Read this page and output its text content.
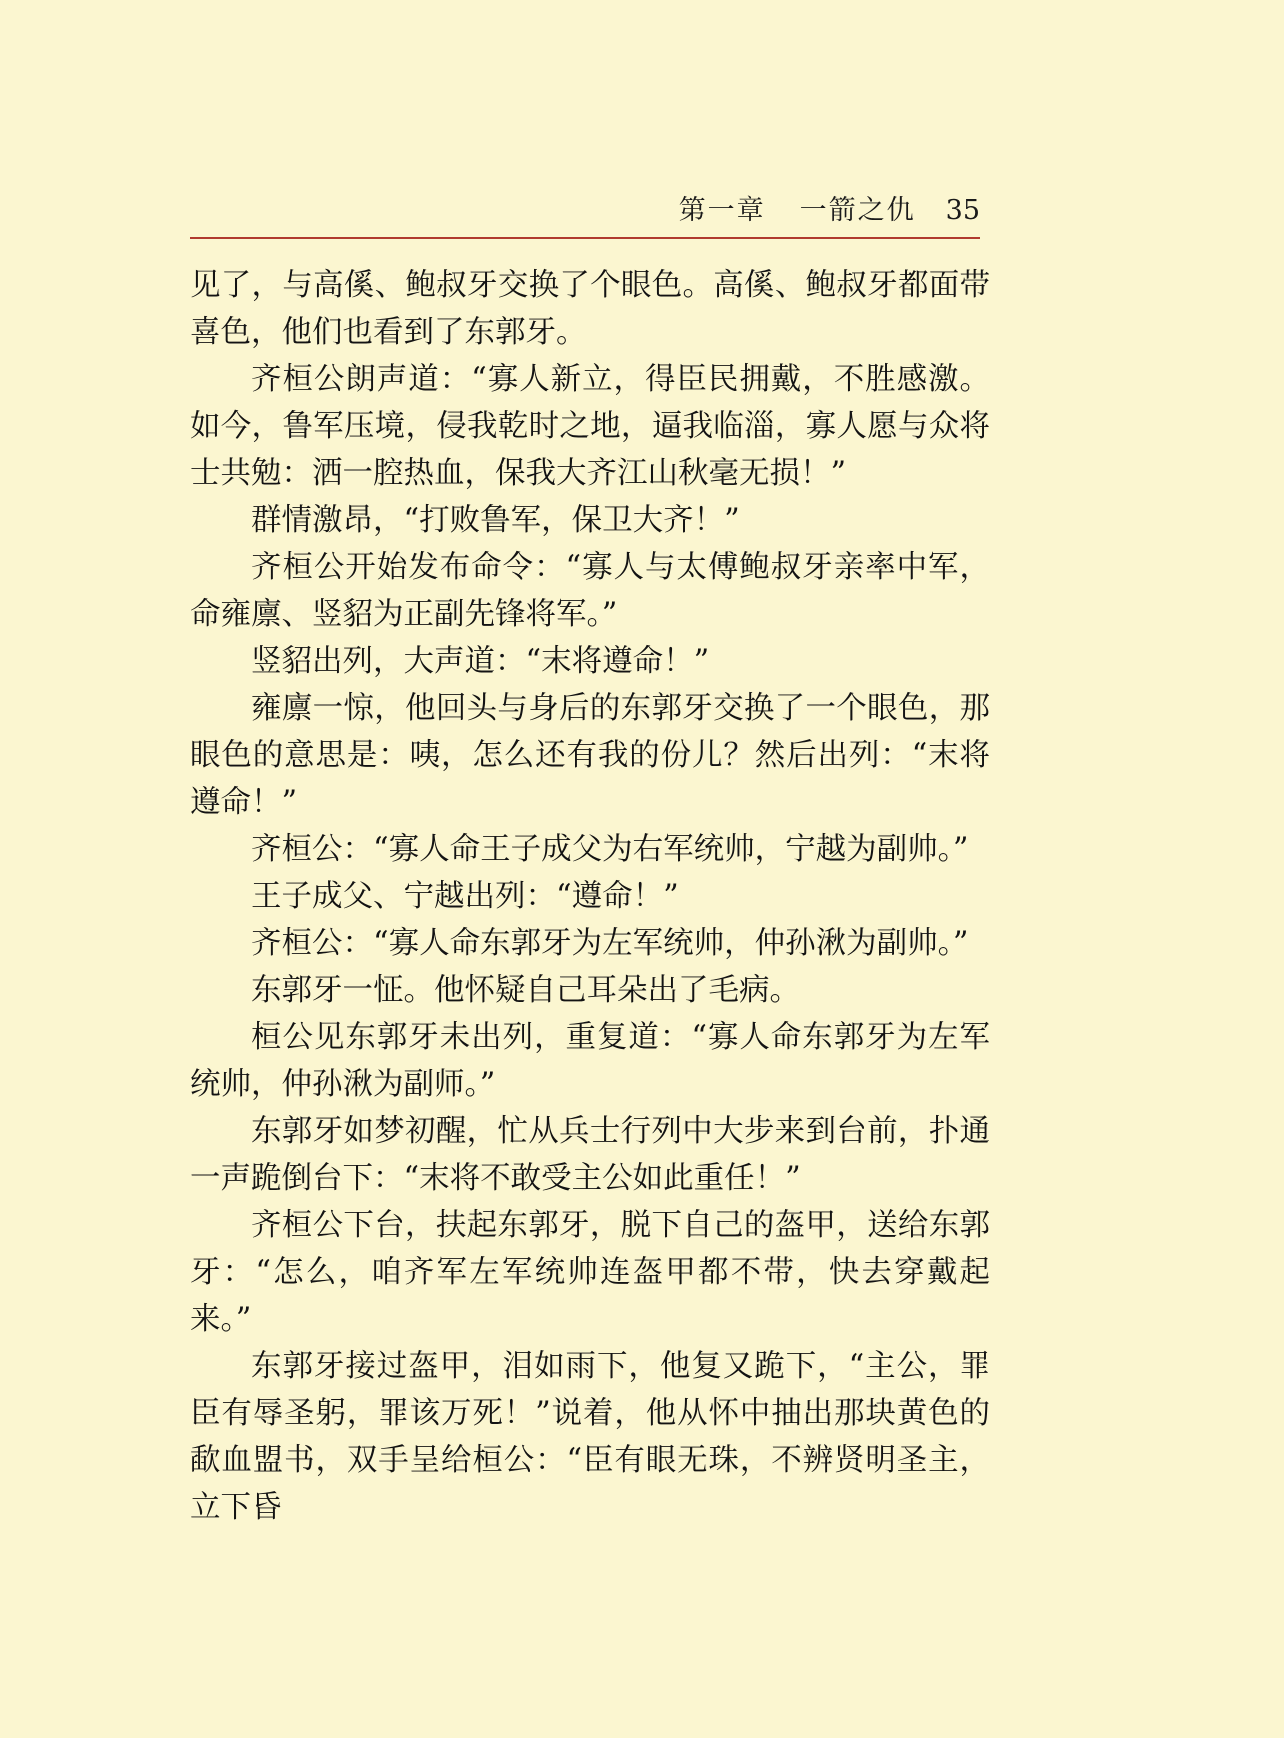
第一章 一箭之仇 35

见了，与高傒、鲍叔牙交换了个眼色。高傒、鲍叔牙都面带喜色，他们也看到了东郭牙。

齐桓公朗声道：“寡人新立，得臣民拥戴，不胜感激。如今，鲁军压境，侵我乾时之地，逼我临淄，寡人愿与众将士共勉：洒一腔热血，保我大齐江山秋毫无损！”

群情激昂，“打败鲁军，保卫大齐！”

齐桓公开始发布命令：“寡人与太傅鲍叔牙亲率中军，命雍廪、竖貂为正副先锋将军。”

竖貂出列，大声道：“末将遵命！”

雍廪一惊，他回头与身后的东郭牙交换了一个眼色，那眼色的意思是：咦，怎么还有我的份儿？然后出列：“末将遵命！”

齐桓公：“寡人命王子成父为右军统帅，宁越为副帅。”

王子成父、宁越出列：“遵命！”

齐桓公：“寡人命东郭牙为左军统帅，仲孙湫为副帅。”

东郭牙一怔。他怀疑自己耳朵出了毛病。

桓公见东郭牙未出列，重复道：“寡人命东郭牙为左军统帅，仲孙湫为副师。”

东郭牙如梦初醒，忙从兵士行列中大步来到台前，扑通一声跪倒台下：“末将不敢受主公如此重任！”

齐桓公下台，扶起东郭牙，脱下自己的盔甲，送给东郭牙：“怎么，咱齐军左军统帅连盔甲都不带，快去穿戴起来。”

东郭牙接过盔甲，泪如雨下，他复又跪下，“主公，罪臣有辱圣躬，罪该万死！”说着，他从怀中抽出那块黄色的歃血盟书，双手呈给桓公：“臣有眼无珠，不辨贤明圣主，立下昏
